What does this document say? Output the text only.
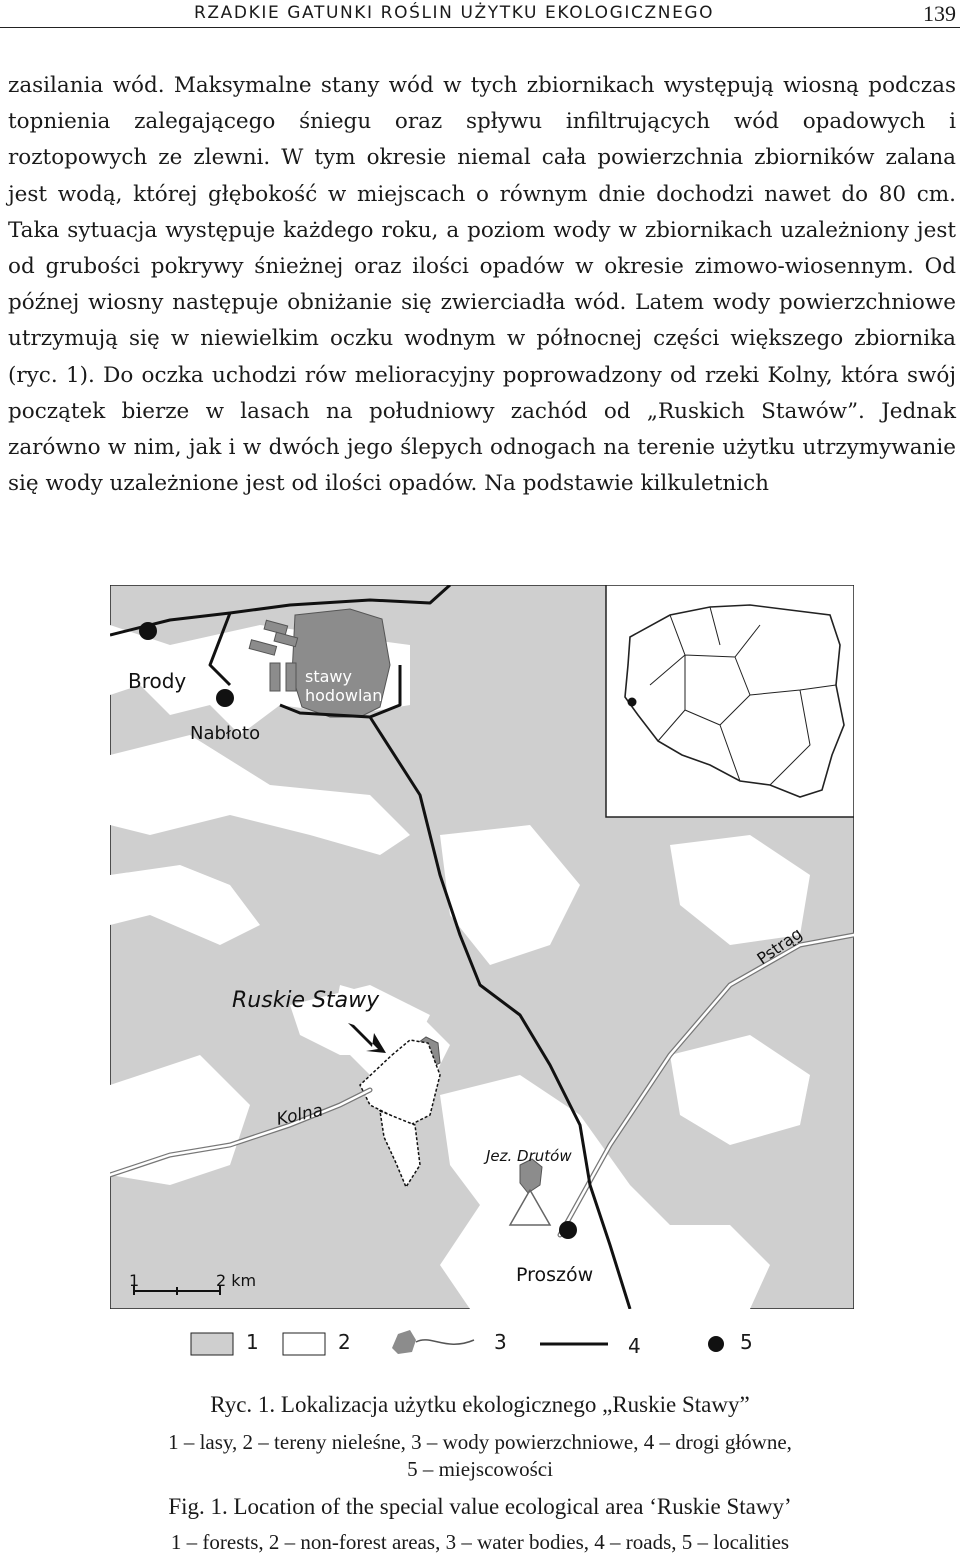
RZADKIE GATUNKI ROŚLIN UŻYTKU EKOLOGICZNEGO	139

zasilania wód. Maksymalne stany wód w tych zbiornikach występują wiosną podczas topnienia zalegającego śniegu oraz spływu infiltrujących wód opadowych i roztopowych ze zlewni. W tym okresie niemal cała powierzchnia zbiorników zalana jest wodą, której głębokość w miejscach o równym dnie dochodzi nawet do 80 cm. Taka sytuacja występuje każdego roku, a poziom wody w zbiornikach uzależniony jest od grubości pokrywy śnieżnej oraz ilości opadów w okresie zimowo-wiosennym. Od późnej wiosny następuje obniżanie się zwierciadła wód. Latem wody powierzchniowe utrzymują się w niewielkim oczku wodnym w północnej części większego zbiornika (ryc. 1). Do oczka uchodzi rów melioracyjny poprowadzony od rzeki Kolny, która swój początek bierze w lasach na południowy zachód od „Ruskich Stawów”. Jednak zarówno w nim, jak i w dwóch jego ślepych odnogach na terenie użytku utrzymywanie się wody uzależnione jest od ilości opadów. Na podstawie kilkuletnich

Brody
Nabłoto
stawy
hodowlane
Pstrąg
Ruskie Stawy
Kolna
Jez. Drutów
Proszów
1	2 km
1	2	3	4	5

Ryc. 1. Lokalizacja użytku ekologicznego „Ruskie Stawy”

1 – lasy, 2 – tereny nieleśne, 3 – wody powierzchniowe, 4 – drogi główne,

5 – miejscowości

Fig. 1. Location of the special value ecological area ‘Ruskie Stawy’

1 – forests, 2 – non-forest areas, 3 – water bodies, 4 – roads, 5 – localities
